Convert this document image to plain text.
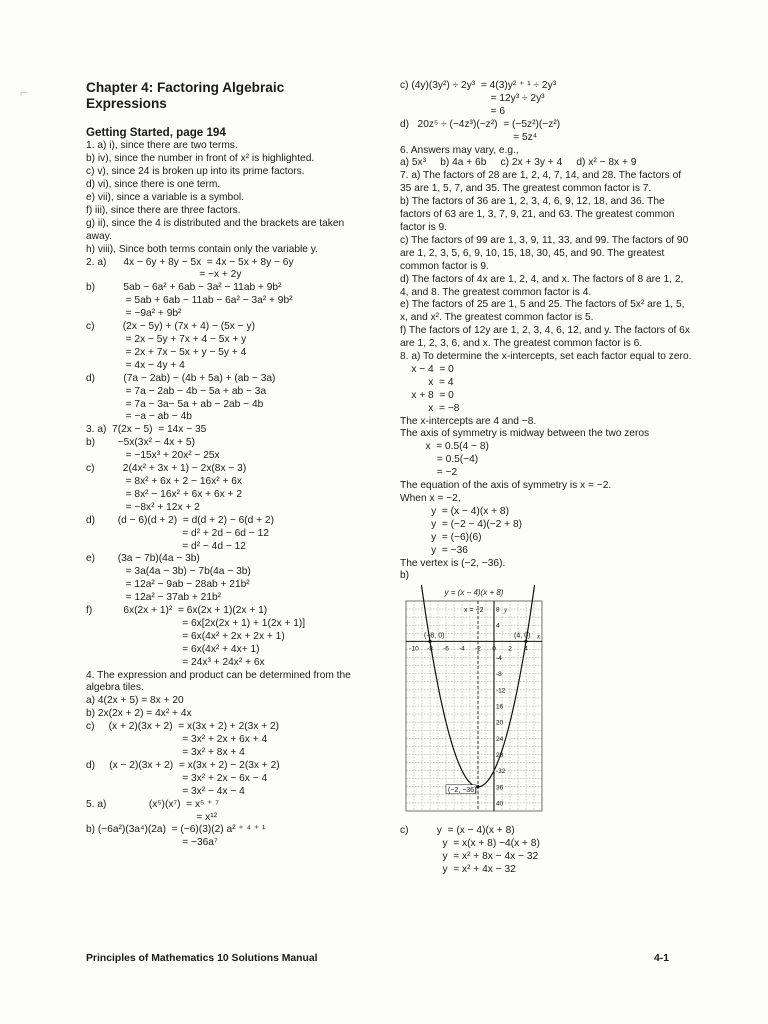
⌐	Chapter 4: Factoring Algebraic
Expressions
Getting Started, page 194
1. a) i), since there are two terms.
b) iv), since the number in front of x² is highlighted.
c) v), since 24 is broken up into its prime factors.
d) vi), since there is one term.
e) vii), since a variable is a symbol.
f) iii), since there are three factors.
g) ii), since the 4 is distributed and the brackets are taken away.
h) viii), Since both terms contain only the variable y.
2. a)      4x − 6y + 8y − 5x  = 4x − 5x + 8y − 6y
= −x + 2y
b)          5ab − 6a² + 6ab − 3a² − 11ab + 9b²
= 5ab + 6ab − 11ab − 6a² − 3a² + 9b²
= −9a² + 9b²
c)          (2x − 5y) + (7x + 4) − (5x − y)
= 2x − 5y + 7x + 4 − 5x + y
= 2x + 7x − 5x + y − 5y + 4
= 4x − 4y + 4
d)          (7a − 2ab) − (4b + 5a) + (ab − 3a)
= 7a − 2ab − 4b − 5a + ab − 3a
= 7a − 3a− 5a + ab − 2ab − 4b
= −a − ab − 4b
3. a)  7(2x − 5)  = 14x − 35
b)        −5x(3x² − 4x + 5)
= −15x³ + 20x² − 25x
c)          2(4x² + 3x + 1) − 2x(8x − 3)
= 8x² + 6x + 2 − 16x² + 6x
= 8x² − 16x² + 6x + 6x + 2
= −8x² + 12x + 2
d)        (d − 6)(d + 2)  = d(d + 2) − 6(d + 2)
= d² + 2d − 6d − 12
= d² − 4d − 12
e)        (3a − 7b)(4a − 3b)
= 3a(4a − 3b) − 7b(4a − 3b)
= 12a² − 9ab − 28ab + 21b²
= 12a² − 37ab + 21b²
f)           6x(2x + 1)²  = 6x(2x + 1)(2x + 1)
= 6x[2x(2x + 1) + 1(2x + 1)]
= 6x(4x² + 2x + 2x + 1)
= 6x(4x² + 4x+ 1)
= 24x³ + 24x² + 6x
4. The expression and product can be determined from the algebra tiles.
a) 4(2x + 5) = 8x + 20
b) 2x(2x + 2) = 4x² + 4x
c)     (x + 2)(3x + 2)  = x(3x + 2) + 2(3x + 2)
= 3x² + 2x + 6x + 4
= 3x² + 8x + 4
d)     (x − 2)(3x + 2)  = x(3x + 2) − 2(3x + 2)
= 3x² + 2x − 6x − 4
= 3x² − 4x − 4
5. a)               (x⁵)(x⁷)  = x⁵ ⁺ ⁷
= x¹²
b) (−6a²)(3a⁴)(2a)  = (−6)(3)(2) a² ⁺ ⁴ ⁺ ¹
= −36a⁷
c) (4y)(3y²) ÷ 2y³  = 4(3)y² ⁺ ¹ ÷ 2y³
= 12y³ ÷ 2y³
= 6
d)   20z⁵ ÷ (−4z³)(−z²)  = (−5z²)(−z²)
= 5z⁴
6. Answers may vary, e.g.,
a) 5x³     b) 4a + 6b     c) 2x + 3y + 4     d) x² − 8x + 9
7. a) The factors of 28 are 1, 2, 4, 7, 14, and 28. The factors of 35 are 1, 5, 7, and 35. The greatest common factor is 7.
b) The factors of 36 are 1, 2, 3, 4, 6, 9, 12, 18, and 36. The factors of 63 are 1, 3, 7, 9, 21, and 63. The greatest common factor is 9.
c) The factors of 99 are 1, 3, 9, 11, 33, and 99. The factors of 90 are 1, 2, 3, 5, 6, 9, 10, 15, 18, 30, 45, and 90. The greatest common factor is 9.
d) The factors of 4x are 1, 2, 4, and x. The factors of 8 are 1, 2, 4, and 8. The greatest common factor is 4.
e) The factors of 25 are 1, 5 and 25. The factors of 5x² are 1, 5, x, and x². The greatest common factor is 5.
f) The factors of 12y are 1, 2, 3, 4, 6, 12, and y. The factors of 6x are 1, 2, 3, 6, and x. The greatest common factor is 6.
8. a) To determine the x-intercepts, set each factor equal to zero.
x − 4  = 0
x  = 4
x + 8  = 0
x  = −8
The x-intercepts are 4 and −8.
The axis of symmetry is midway between the two zeros
x  = 0.5(4 − 8)
= 0.5(−4)
= −2
The equation of the axis of symmetry is x = −2.
When x = −2,
y  = (x − 4)(x + 8)
y  = (−2 − 4)(−2 + 8)
y  = (−6)(6)
y  = −36
The vertex is (−2, −36).
b)
y = (x − 4)(x + 8)
-10 -8 -6 -4 -2 0 2 4
8
4
-4
-8
-12
16
20
24
28
-32
36
40
x = −2	y
x
(−8, 0)	(4, 0)
(−2, −36)
c)          y  = (x − 4)(x + 8)
y  = x(x + 8) −4(x + 8)
y  = x² + 8x − 4x − 32
y  = x² + 4x − 32
Principles of Mathematics 10 Solutions Manual	4-1
